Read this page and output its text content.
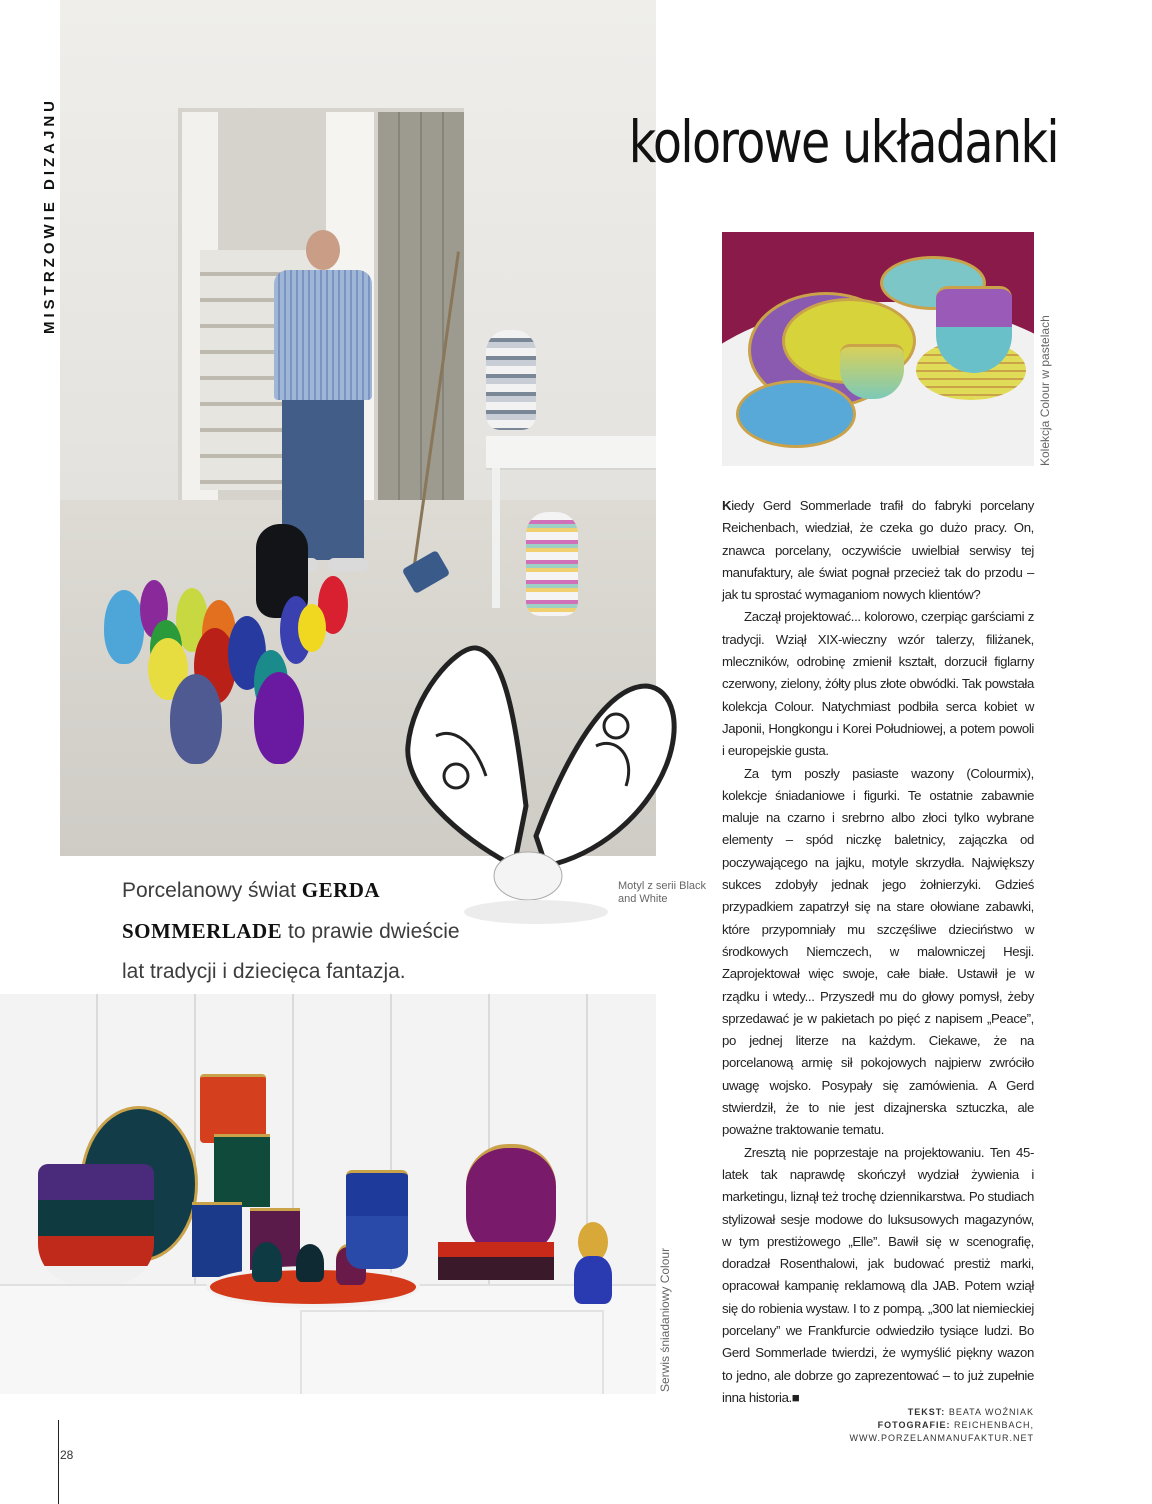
MISTRZOWIE DIZAJNU
Motyl z serii Black and White
kolorowe układanki
Kolekcja Colour w pastelach
Porcelanowy świat GERDA SOMMERLADE to prawie dwieście lat tradycji i dziecięca fantazja.
Serwis śniadaniowy Colour

Kiedy Gerd Sommerlade trafił do fabryki porcelany Reichenbach, wiedział, że czeka go dużo pracy. On, znawca porcelany, oczywiście uwielbiał serwisy tej manufaktury, ale świat pognał przecież tak do przodu – jak tu sprostać wymaganiom nowych klientów?

Zaczął projektować... kolorowo, czerpiąc garściami z tradycji. Wziął XIX-wieczny wzór talerzy, filiżanek, mleczników, odrobinę zmienił kształt, dorzucił figlarny czerwony, zielony, żółty plus złote obwódki. Tak powstała kolekcja Colour. Natychmiast podbiła serca kobiet w Japonii, Hongkongu i Korei Południowej, a potem powoli i europejskie gusta.

Za tym poszły pasiaste wazony (Colourmix), kolekcje śniadaniowe i figurki. Te ostatnie zabawnie maluje na czarno i srebrno albo złoci tylko wybrane elementy – spód niczkę baletnicy, zajączka od poczywającego na jajku, motyle skrzydła. Największy sukces zdobyły jednak jego żołnierzyki. Gdzieś przypadkiem zapatrzył się na stare ołowiane zabawki, które przypomniały mu szczęśliwe dzieciństwo w środkowych Niemczech, w malowniczej Hesji. Zaprojektował więc swoje, całe białe. Ustawił je w rządku i wtedy... Przyszedł mu do głowy pomysł, żeby sprzedawać je w pakietach po pięć z napisem „Peace”, po jednej literze na każdym. Ciekawe, że na porcelanową armię sił pokojowych najpierw zwróciło uwagę wojsko. Posypały się zamówienia. A Gerd stwierdził, że to nie jest dizajnerska sztuczka, ale poważne traktowanie tematu.

Zresztą nie poprzestaje na projektowaniu. Ten 45-latek tak naprawdę skończył wydział żywienia i marketingu, liznął też trochę dziennikarstwa. Po studiach stylizował sesje modowe do luksusowych magazynów, w tym prestiżowego „Elle”. Bawił się w scenografię, doradzał Rosenthalowi, jak budować prestiż marki, opracował kampanię reklamową dla JAB. Potem wziął się do robienia wystaw. I to z pompą. „300 lat niemieckiej porcelany” we Frankfurcie odwiedziło tysiące ludzi. Bo Gerd Sommerlade twierdzi, że wymyślić piękny wazon to jedno, ale dobrze go zaprezentować – to już zupełnie inna historia.■

TEKST: BEATA WOŹNIAK
FOTOGRAFIE: REICHENBACH,
WWW.PORZELANMANUFAKTUR.NET
28
